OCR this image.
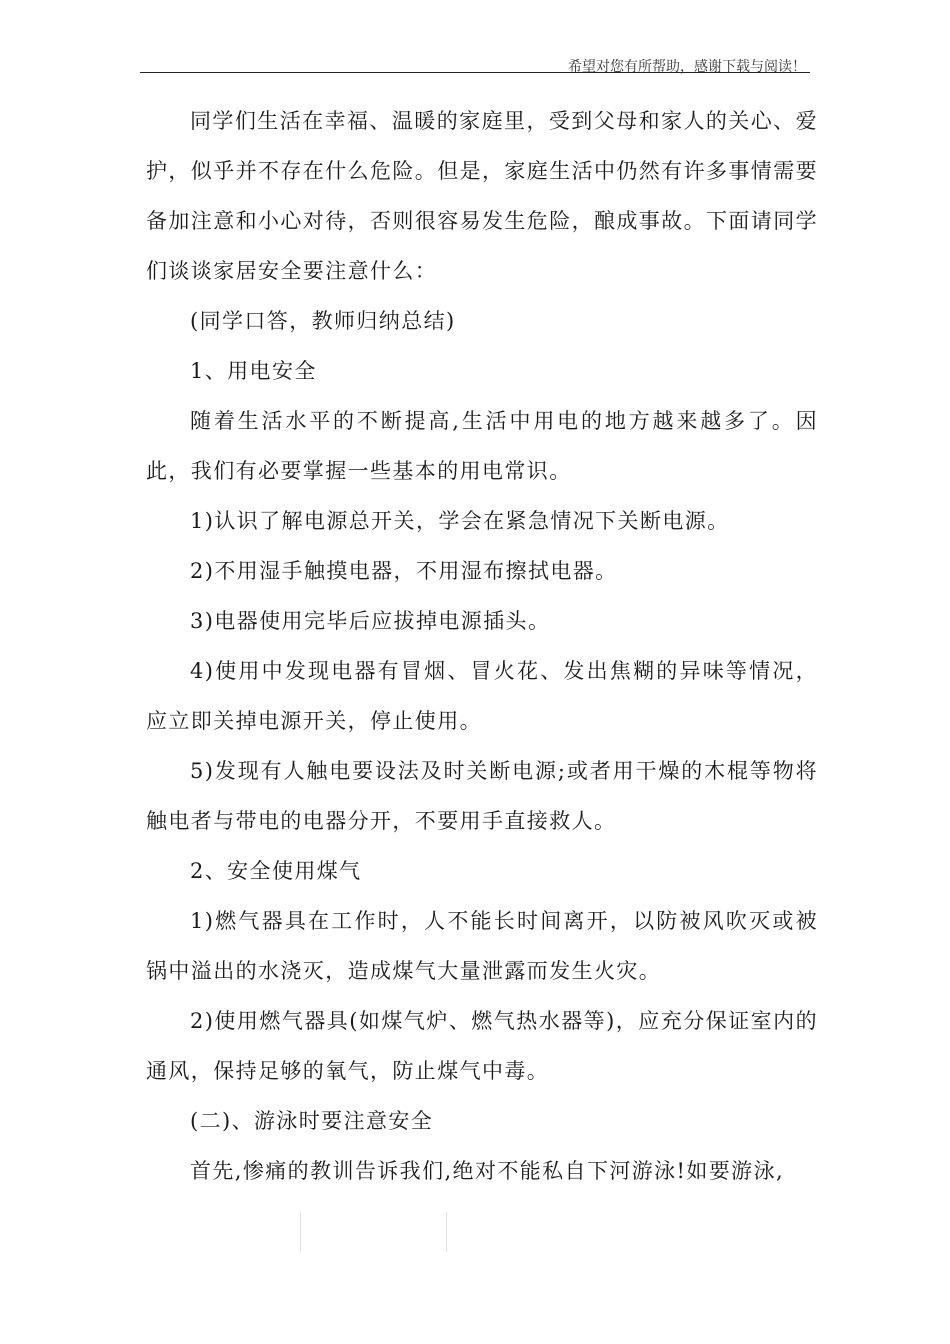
希望对您有所帮助，感谢下载与阅读！

同学们生活在幸福、温暖的家庭里，受到父母和家人的关心、爱护，似乎并不存在什么危险。但是，家庭生活中仍然有许多事情需要备加注意和小心对待，否则很容易发生危险，酿成事故。下面请同学们谈谈家居安全要注意什么：

(同学口答，教师归纳总结)

1、用电安全

随着生活水平的不断提高,生活中用电的地方越来越多了。因此，我们有必要掌握一些基本的用电常识。

1)认识了解电源总开关，学会在紧急情况下关断电源。

2)不用湿手触摸电器，不用湿布擦拭电器。

3)电器使用完毕后应拔掉电源插头。

4)使用中发现电器有冒烟、冒火花、发出焦糊的异味等情况，应立即关掉电源开关，停止使用。

5)发现有人触电要设法及时关断电源;或者用干燥的木棍等物将触电者与带电的电器分开，不要用手直接救人。

2、安全使用煤气

1)燃气器具在工作时，人不能长时间离开，以防被风吹灭或被锅中溢出的水浇灭，造成煤气大量泄露而发生火灾。

2)使用燃气器具(如煤气炉、燃气热水器等)，应充分保证室内的通风，保持足够的氧气，防止煤气中毒。

(二)、游泳时要注意安全

首先,惨痛的教训告诉我们,绝对不能私自下河游泳!如要游泳,
